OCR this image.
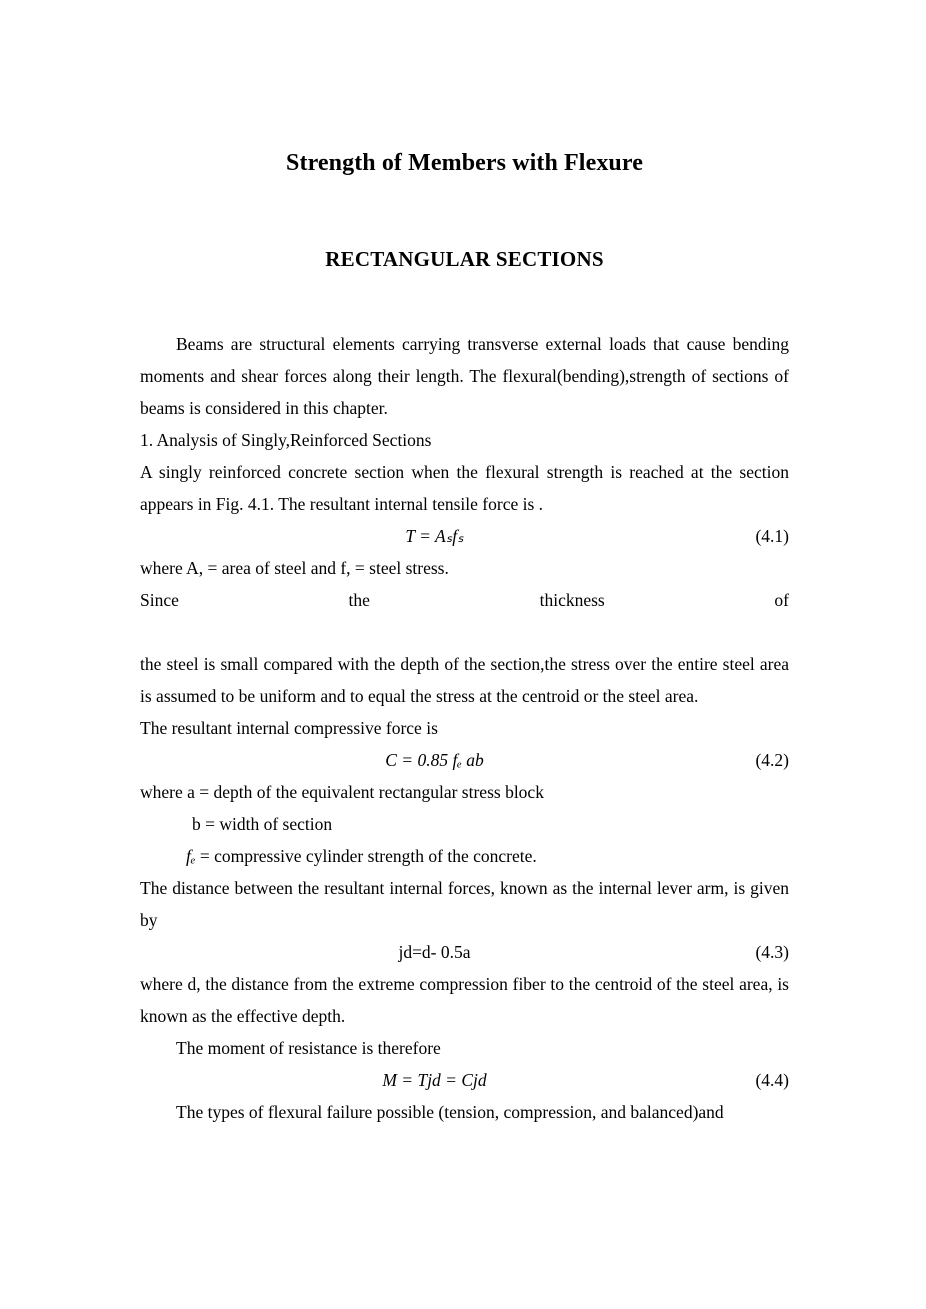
Strength of Members with Flexure
RECTANGULAR SECTIONS

Beams are structural elements carrying transverse external loads that cause bending moments and shear forces along their length. The flexural(bending),strength of sections of beams is considered in this chapter.

1. Analysis of Singly,Reinforced Sections

A singly reinforced concrete section when the flexural strength is reached at the section appears in Fig. 4.1. The resultant internal tensile force is .

T = Aₛfₛ	(4.1)

where A, = area of steel and f, = steel stress.

Since the thickness of

the steel is small compared with the depth of the section,the stress over the entire steel area is assumed to be uniform and to equal the stress at the centroid or the steel area.

The resultant internal compressive force is

C = 0.85 fₑ ab	(4.2)

where a = depth of the equivalent rectangular stress block

b = width of section

fₑ = compressive cylinder strength of the concrete.

The distance between the resultant internal forces, known as the internal lever arm, is given by

jd=d- 0.5a	(4.3)

where d, the distance from the extreme compression fiber to the centroid of the steel area, is known as the effective depth.

The moment of resistance is therefore

M = Tjd = Cjd	(4.4)

The types of flexural failure possible (tension, compression, and balanced)and
